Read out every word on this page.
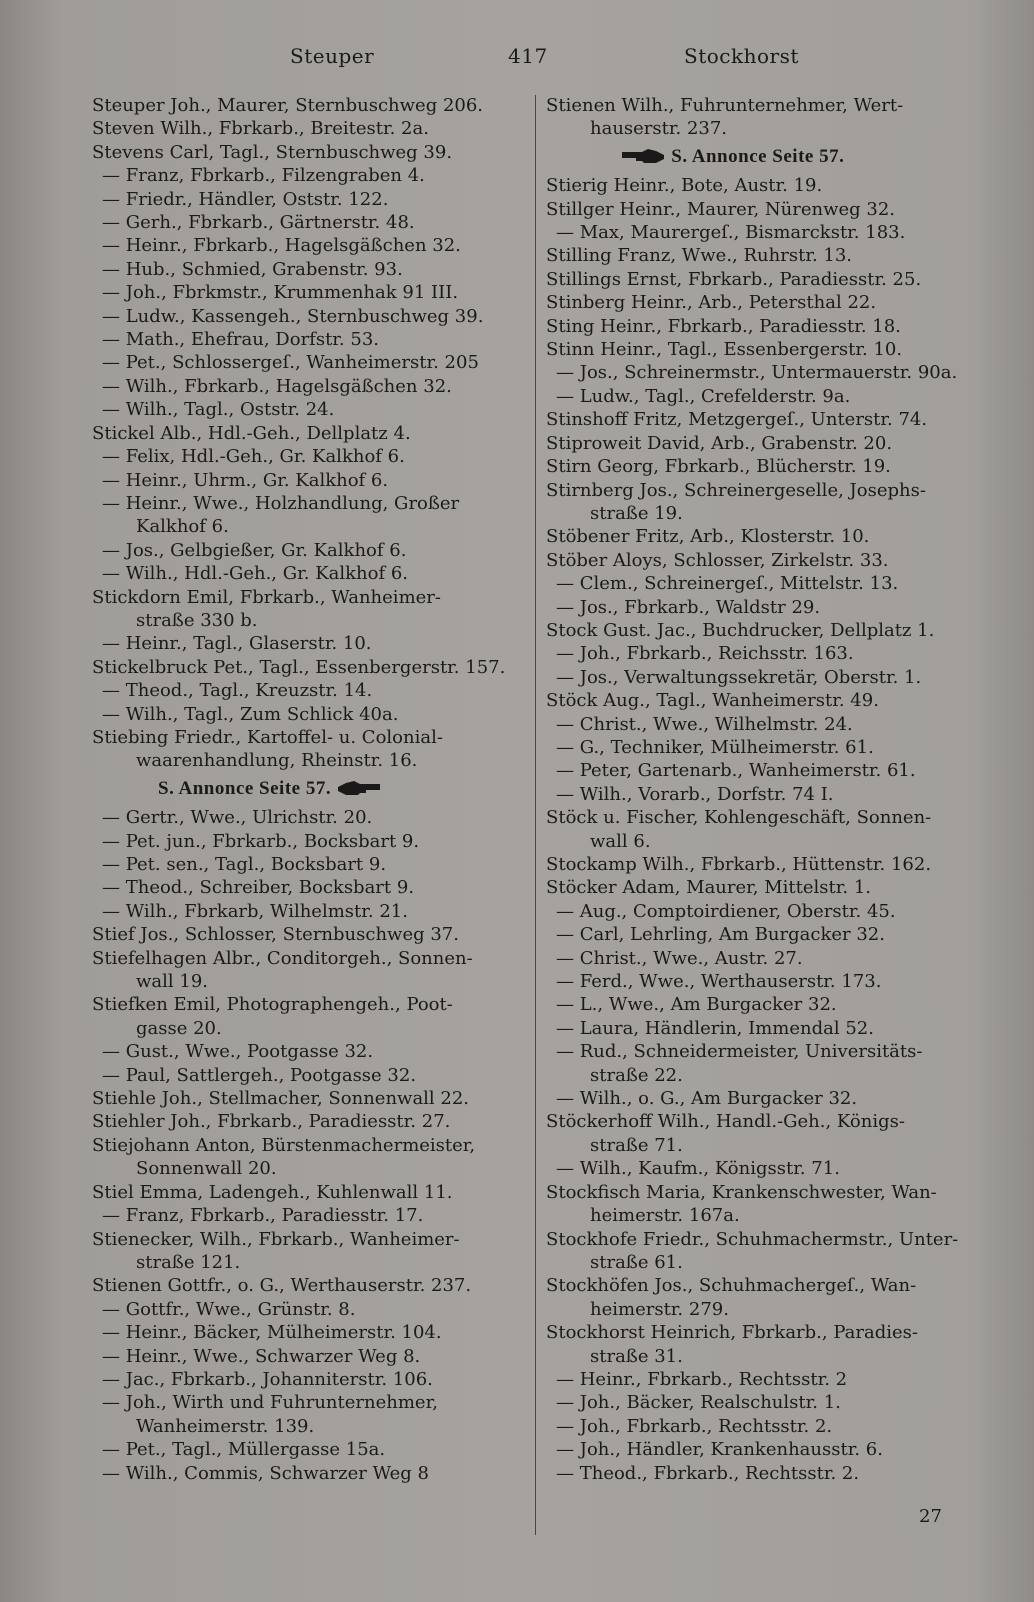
Steuper	417	Stockhorst

Steuper Joh., Maurer, Sternbuschweg 206.

Steven Wilh., Fbrkarb., Breitestr. 2a.

Stevens Carl, Tagl., Sternbuschweg 39.

— Franz, Fbrkarb., Filzengraben 4.

— Friedr., Händler, Oststr. 122.

— Gerh., Fbrkarb., Gärtnerstr. 48.

— Heinr., Fbrkarb., Hagelsgäßchen 32.

— Hub., Schmied, Grabenstr. 93.

— Joh., Fbrkmstr., Krummenhak 91 III.

— Ludw., Kassengeh., Sternbuschweg 39.

— Math., Ehefrau, Dorfstr. 53.

— Pet., Schlossergeſ., Wanheimerstr. 205

— Wilh., Fbrkarb., Hagelsgäßchen 32.

— Wilh., Tagl., Oststr. 24.

Stickel Alb., Hdl.-Geh., Dellplatz 4.

— Felix, Hdl.-Geh., Gr. Kalkhof 6.

— Heinr., Uhrm., Gr. Kalkhof 6.

— Heinr., Wwe., Holzhandlung, Großer

Kalkhof 6.

— Jos., Gelbgießer, Gr. Kalkhof 6.

— Wilh., Hdl.-Geh., Gr. Kalkhof 6.

Stickdorn Emil, Fbrkarb., Wanheimer-

straße 330 b.

— Heinr., Tagl., Glaserstr. 10.

Stickelbruck Pet., Tagl., Essenbergerstr. 157.

— Theod., Tagl., Kreuzstr. 14.

— Wilh., Tagl., Zum Schlick 40a.

Stiebing Friedr., Kartoffel- u. Colonial-

waarenhandlung, Rheinstr. 16.

S. Annonce Seite 57.

— Gertr., Wwe., Ulrichstr. 20.

— Pet. jun., Fbrkarb., Bocksbart 9.

— Pet. sen., Tagl., Bocksbart 9.

— Theod., Schreiber, Bocksbart 9.

— Wilh., Fbrkarb, Wilhelmstr. 21.

Stief Jos., Schlosser, Sternbuschweg 37.

Stiefelhagen Albr., Conditorgeh., Sonnen-

wall 19.

Stiefken Emil, Photographengeh., Poot-

gasse 20.

— Gust., Wwe., Pootgasse 32.

— Paul, Sattlergeh., Pootgasse 32.

Stiehle Joh., Stellmacher, Sonnenwall 22.

Stiehler Joh., Fbrkarb., Paradiesstr. 27.

Stiejohann Anton, Bürstenmachermeister,

Sonnenwall 20.

Stiel Emma, Ladengeh., Kuhlenwall 11.

— Franz, Fbrkarb., Paradiesstr. 17.

Stienecker, Wilh., Fbrkarb., Wanheimer-

straße 121.

Stienen Gottfr., o. G., Werthauserstr. 237.

— Gottfr., Wwe., Grünstr. 8.

— Heinr., Bäcker, Mülheimerstr. 104.

— Heinr., Wwe., Schwarzer Weg 8.

— Jac., Fbrkarb., Johanniterstr. 106.

— Joh., Wirth und Fuhrunternehmer,

Wanheimerstr. 139.

— Pet., Tagl., Müllergasse 15a.

— Wilh., Commis, Schwarzer Weg 8

Stienen Wilh., Fuhrunternehmer, Wert-

hauserstr. 237.

S. Annonce Seite 57.

Stierig Heinr., Bote, Austr. 19.

Stillger Heinr., Maurer, Nürenweg 32.

— Max, Maurergeſ., Bismarckstr. 183.

Stilling Franz, Wwe., Ruhrstr. 13.

Stillings Ernst, Fbrkarb., Paradiesstr. 25.

Stinberg Heinr., Arb., Petersthal 22.

Sting Heinr., Fbrkarb., Paradiesstr. 18.

Stinn Heinr., Tagl., Essenbergerstr. 10.

— Jos., Schreinermstr., Untermauerstr. 90a.

— Ludw., Tagl., Crefelderstr. 9a.

Stinshoff Fritz, Metzgergeſ., Unterstr. 74.

Stiproweit David, Arb., Grabenstr. 20.

Stirn Georg, Fbrkarb., Blücherstr. 19.

Stirnberg Jos., Schreinergeselle, Josephs-

straße 19.

Stöbener Fritz, Arb., Klosterstr. 10.

Stöber Aloys, Schlosser, Zirkelstr. 33.

— Clem., Schreinergeſ., Mittelstr. 13.

— Jos., Fbrkarb., Waldstr 29.

Stock Gust. Jac., Buchdrucker, Dellplatz 1.

— Joh., Fbrkarb., Reichsstr. 163.

— Jos., Verwaltungssekretär, Oberstr. 1.

Stöck Aug., Tagl., Wanheimerstr. 49.

— Christ., Wwe., Wilhelmstr. 24.

— G., Techniker, Mülheimerstr. 61.

— Peter, Gartenarb., Wanheimerstr. 61.

— Wilh., Vorarb., Dorfstr. 74 I.

Stöck u. Fischer, Kohlengeschäft, Sonnen-

wall 6.

Stockamp Wilh., Fbrkarb., Hüttenstr. 162.

Stöcker Adam, Maurer, Mittelstr. 1.

— Aug., Comptoirdiener, Oberstr. 45.

— Carl, Lehrling, Am Burgacker 32.

— Christ., Wwe., Austr. 27.

— Ferd., Wwe., Werthauserstr. 173.

— L., Wwe., Am Burgacker 32.

— Laura, Händlerin, Immendal 52.

— Rud., Schneidermeister, Universitäts-

straße 22.

— Wilh., o. G., Am Burgacker 32.

Stöckerhoff Wilh., Handl.-Geh., Königs-

straße 71.

— Wilh., Kaufm., Königsstr. 71.

Stockfisch Maria, Krankenschwester, Wan-

heimerstr. 167a.

Stockhofe Friedr., Schuhmachermstr., Unter-

straße 61.

Stockhöfen Jos., Schuhmachergeſ., Wan-

heimerstr. 279.

Stockhorst Heinrich, Fbrkarb., Paradies-

straße 31.

— Heinr., Fbrkarb., Rechtsstr. 2

— Joh., Bäcker, Realschulstr. 1.

— Joh., Fbrkarb., Rechtsstr. 2.

— Joh., Händler, Krankenhausstr. 6.

— Theod., Fbrkarb., Rechtsstr. 2.

27
